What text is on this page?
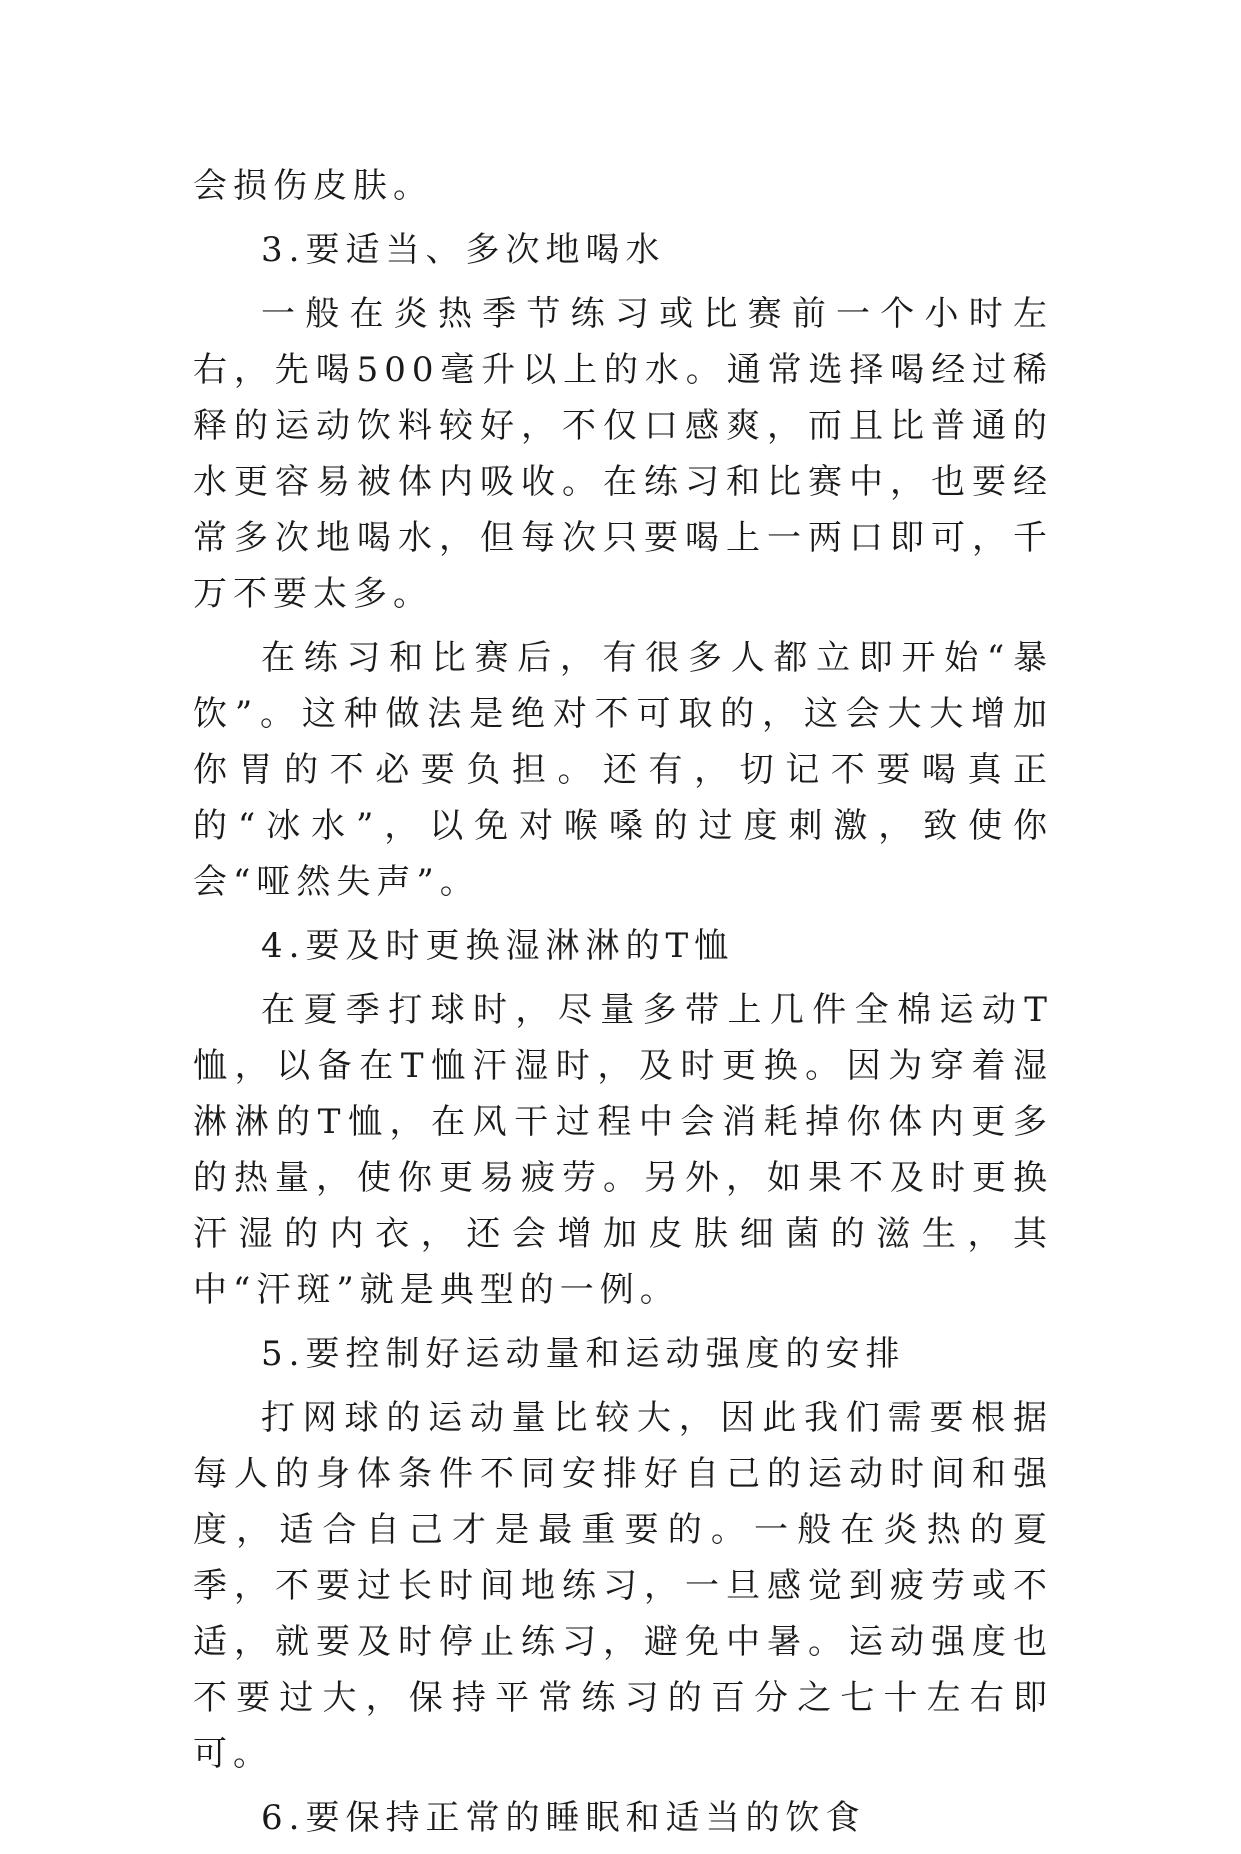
会损伤皮肤。

3.要适当、多次地喝水

一般在炎热季节练习或比赛前一个小时左右，先喝500毫升以上的水。通常选择喝经过稀释的运动饮料较好，不仅口感爽，而且比普通的水更容易被体内吸收。在练习和比赛中，也要经常多次地喝水，但每次只要喝上一两口即可，千万不要太多。

在练习和比赛后，有很多人都立即开始“暴饮”。这种做法是绝对不可取的，这会大大增加你胃的不必要负担。还有，切记不要喝真正的“冰水”，以免对喉嗓的过度刺激，致使你会“哑然失声”。

4.要及时更换湿淋淋的T恤

在夏季打球时，尽量多带上几件全棉运动T恤，以备在T恤汗湿时，及时更换。因为穿着湿淋淋的T恤，在风干过程中会消耗掉你体内更多的热量，使你更易疲劳。另外，如果不及时更换汗湿的内衣，还会增加皮肤细菌的滋生，其中“汗斑”就是典型的一例。

5.要控制好运动量和运动强度的安排

打网球的运动量比较大，因此我们需要根据每人的身体条件不同安排好自己的运动时间和强度，适合自己才是最重要的。一般在炎热的夏季，不要过长时间地练习，一旦感觉到疲劳或不适，就要及时停止练习，避免中暑。运动强度也不要过大，保持平常练习的百分之七十左右即可。

6.要保持正常的睡眠和适当的饮食
